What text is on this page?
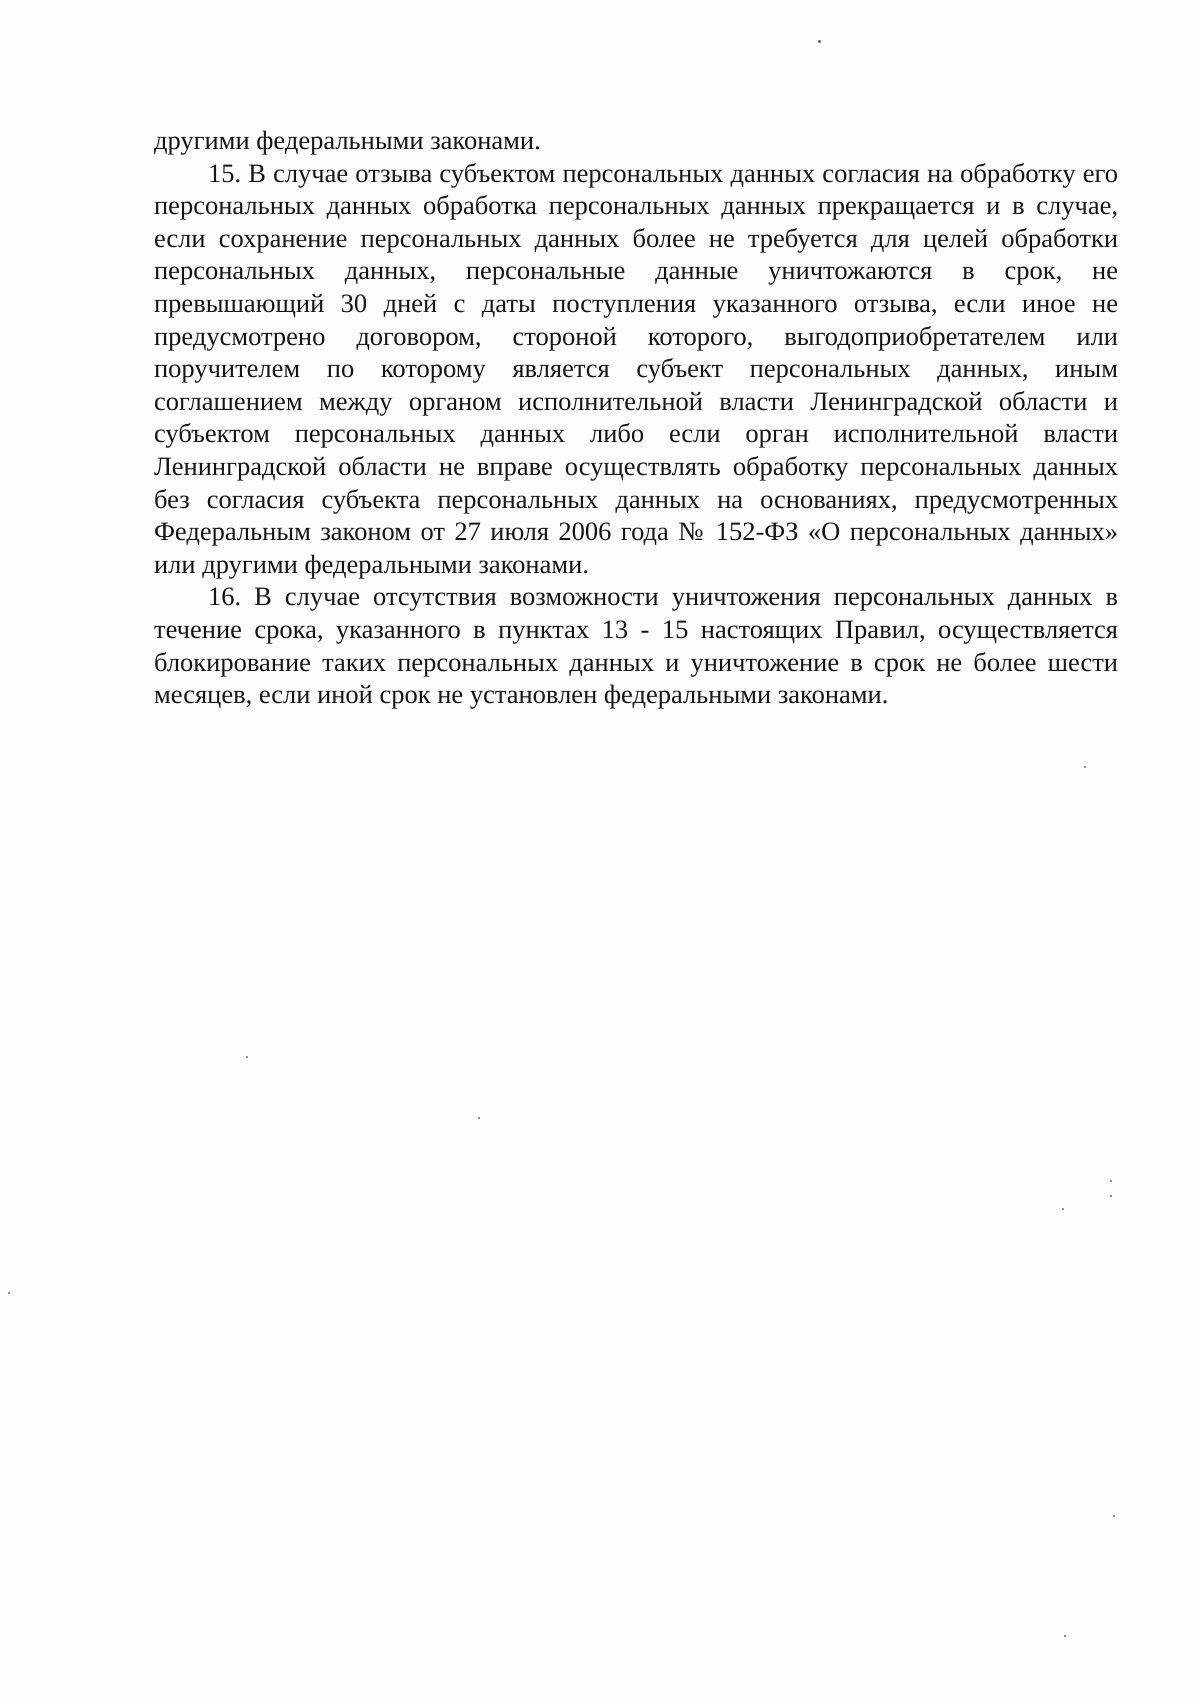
другими федеральными законами.

15. В случае отзыва субъектом персональных данных согласия на обработку его персональных данных обработка персональных данных прекращается и в случае, если сохранение персональных данных более не требуется для целей обработки персональных данных, персональные данные уничтожаются в срок, не превышающий 30 дней с даты поступления указанного отзыва, если иное не предусмотрено договором, стороной которого, выгодоприобретателем или поручителем по которому является субъект персональных данных, иным соглашением между органом исполнительной власти Ленинградской области и субъектом персональных данных либо если орган исполнительной власти Ленинградской области не вправе осуществлять обработку персональных данных без согласия субъекта персональных данных на основаниях, предусмотренных Федеральным законом от 27 июля 2006 года № 152-ФЗ «О персональных данных» или другими федеральными законами.

16. В случае отсутствия возможности уничтожения персональных данных в течение срока, указанного в пунктах 13 - 15 настоящих Правил, осуществляется блокирование таких персональных данных и уничтожение в срок не более шести месяцев, если иной срок не установлен федеральными законами.
